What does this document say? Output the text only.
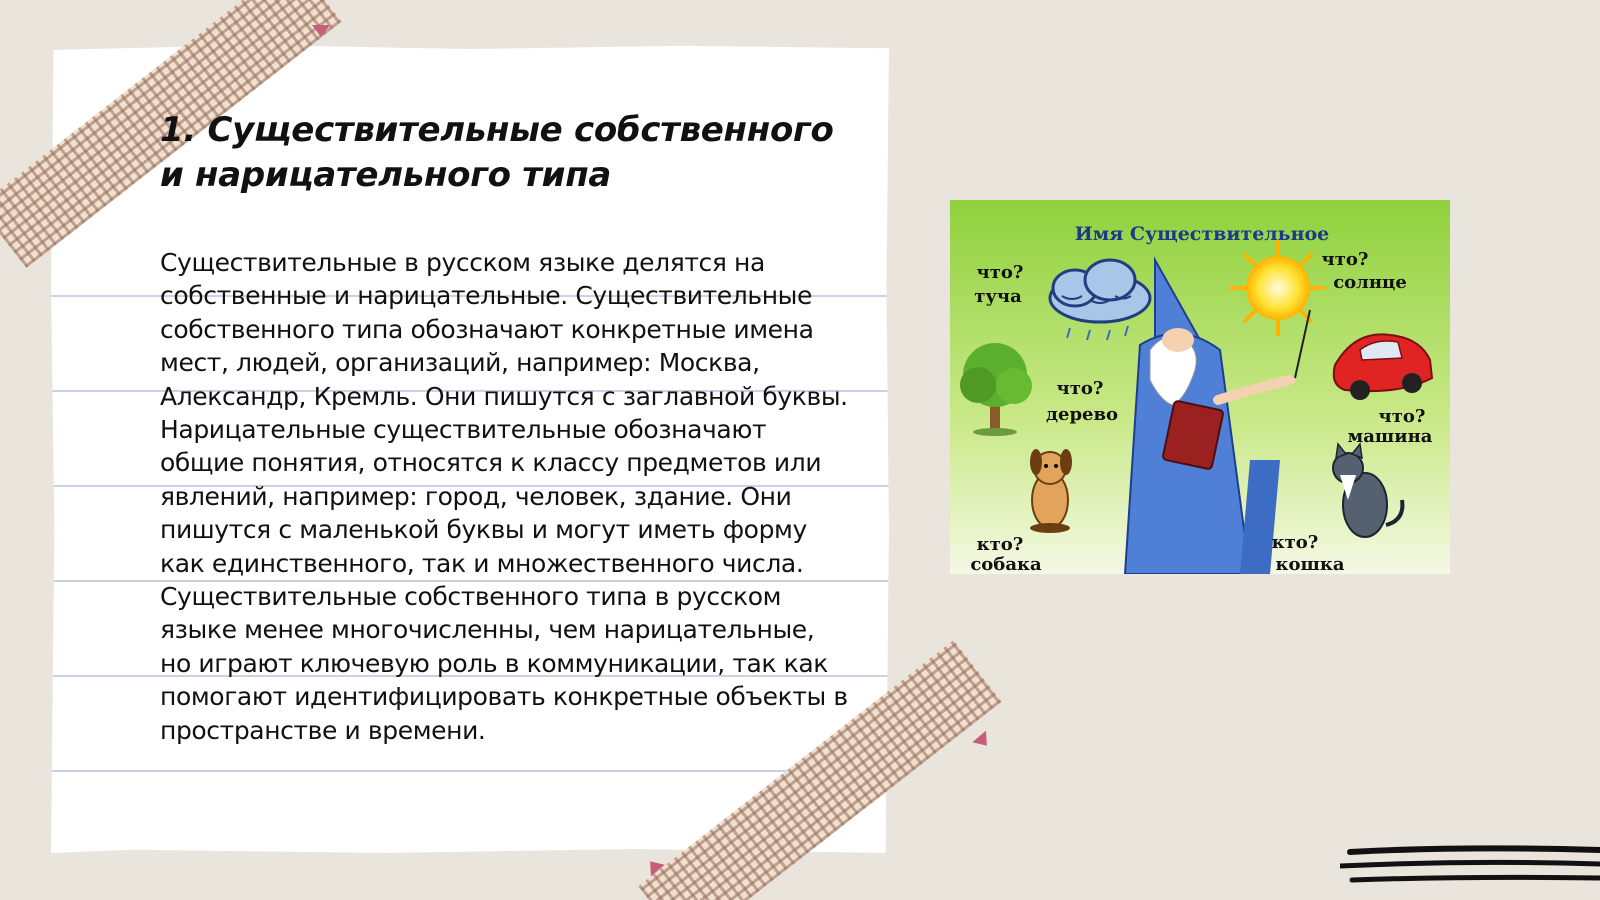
1. Существительные собственного и нарицательного типа

Существительные в русском языке делятся на собственные и нарицательные. Существительные собственного типа обозначают конкретные имена мест, людей, организаций, например: Москва, Александр, Кремль. Они пишутся с заглавной буквы. Нарицательные существительные обозначают общие понятия, относятся к классу предметов или явлений, например: город, человек, здание. Они пишутся с маленькой буквы и могут иметь форму как единственного, так и множественного числа. Существительные собственного типа в русском языке менее многочисленны, чем нарицательные, но играют ключевую роль в коммуникации, так как помогают идентифицировать конкретные объекты в пространстве и времени.

Имя Существительное
что?
туча
что?
солнце
что?
дерево	что?
машина
кто?
собака
кто?
кошка
